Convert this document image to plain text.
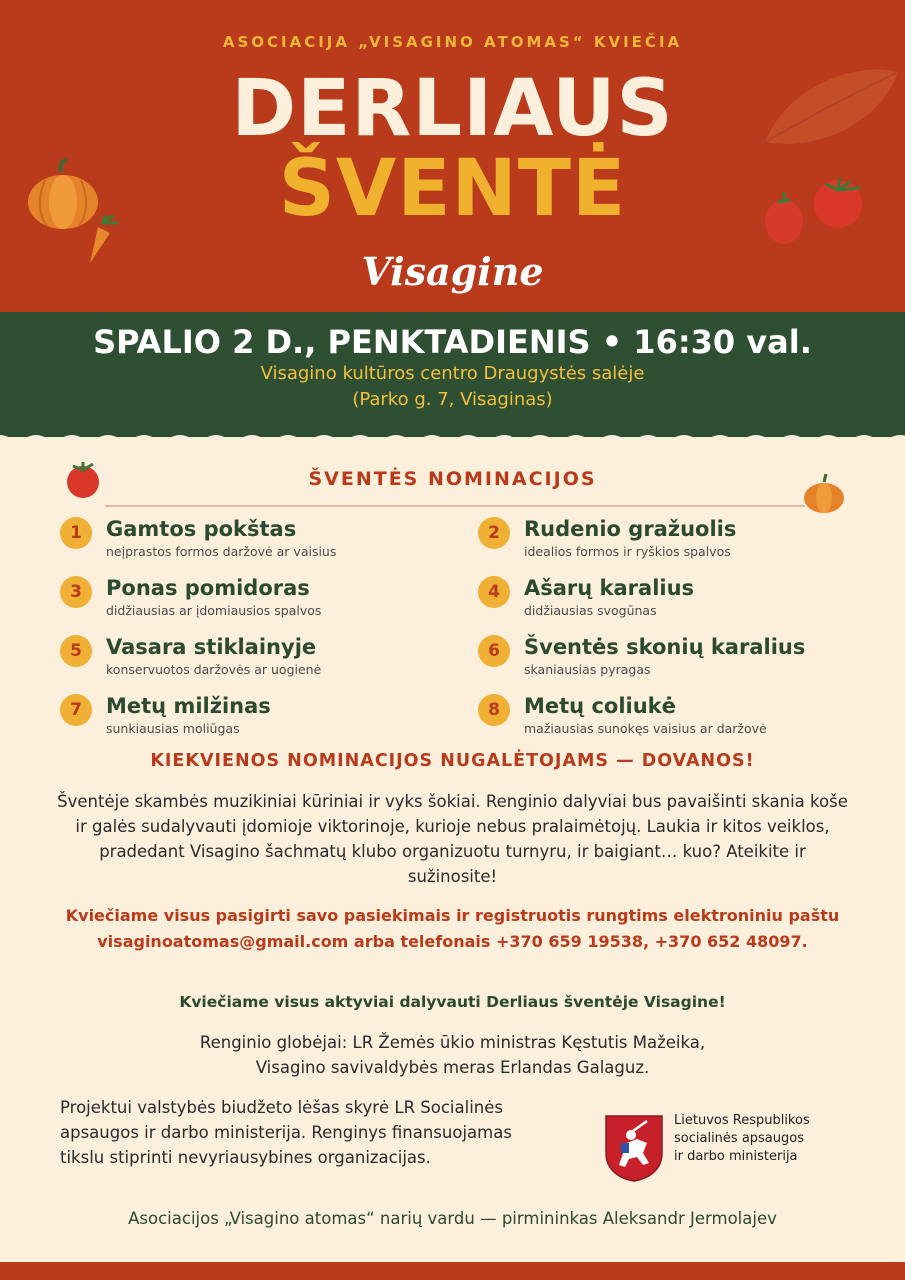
ASOCIACIJA „VISAGINO ATOMAS“ KVIEČIA
DERLIAUS
ŠVENTĖ
Visagine
SPALIO 2 D., PENKTADIENIS • 16:30 val.
Visagino kultūros centro Draugystės salėje
(Parko g. 7, Visaginas)
ŠVENTĖS NOMINACIJOS
1	Gamtos pokštas
neįprastos formos daržovė ar vaisius
2	Rudenio gražuolis
idealios formos ir ryškios spalvos
3	Ponas pomidoras
didžiausias ar įdomiausios spalvos
4	Ašarų karalius
didžiausias svogūnas
5	Vasara stiklainyje
konservuotos daržovės ar uogienė
6	Šventės skonių karalius
skaniausias pyragas
7	Metų milžinas
sunkiausias moliūgas
8	Metų coliukė
mažiausias sunokęs vaisius ar daržovė
KIEKVIENOS NOMINACIJOS NUGALĖTOJAMS — DOVANOS!
Šventėje skambės muzikiniai kūriniai ir vyks šokiai. Renginio dalyviai bus pavaišinti skania koše ir galės sudalyvauti įdomioje viktorinoje, kurioje nebus pralaimėtojų. Laukia ir kitos veiklos, pradedant Visagino šachmatų klubo organizuotu turnyru, ir baigiant… kuo? Ateikite ir sužinosite!
Kviečiame visus pasigirti savo pasiekimais ir registruotis rungtims elektroniniu paštu visaginoatomas@gmail.com arba telefonais +370 659 19538, +370 652 48097.
Kviečiame visus aktyviai dalyvauti Derliaus šventėje Visagine!
Renginio globėjai: LR Žemės ūkio ministras Kęstutis Mažeika,
Visagino savivaldybės meras Erlandas Galaguz.
Projektui valstybės biudžeto lėšas skyrė LR Socialinės apsaugos ir darbo ministerija. Renginys finansuojamas tikslu stiprinti nevyriausybines organizacijas.
Lietuvos Respublikos
socialinės apsaugos
ir darbo ministerija
Asociacijos „Visagino atomas“ narių vardu — pirmininkas Aleksandr Jermolajev
